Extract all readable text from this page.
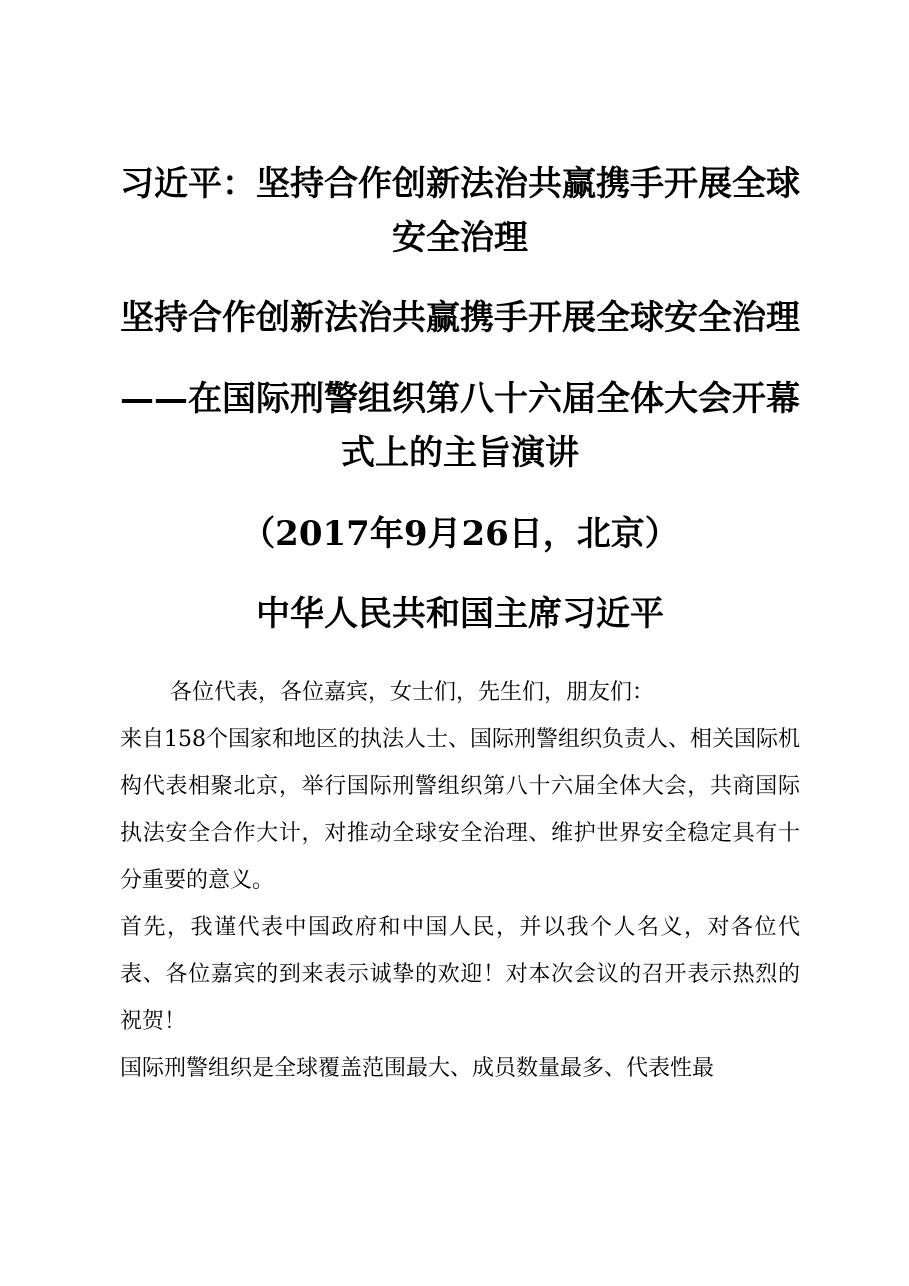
习近平：坚持合作创新法治共赢携手开展全球安全治理
坚持合作创新法治共赢携手开展全球安全治理
——在国际刑警组织第八十六届全体大会开幕式上的主旨演讲
（2017年9月26日，北京）
中华人民共和国主席习近平

各位代表，各位嘉宾，女士们，先生们，朋友们：

来自158个国家和地区的执法人士、国际刑警组织负责人、相关国际机构代表相聚北京，举行国际刑警组织第八十六届全体大会，共商国际执法安全合作大计，对推动全球安全治理、维护世界安全稳定具有十分重要的意义。

首先，我谨代表中国政府和中国人民，并以我个人名义，对各位代表、各位嘉宾的到来表示诚挚的欢迎！对本次会议的召开表示热烈的祝贺！

国际刑警组织是全球覆盖范围最大、成员数量最多、代表性最
